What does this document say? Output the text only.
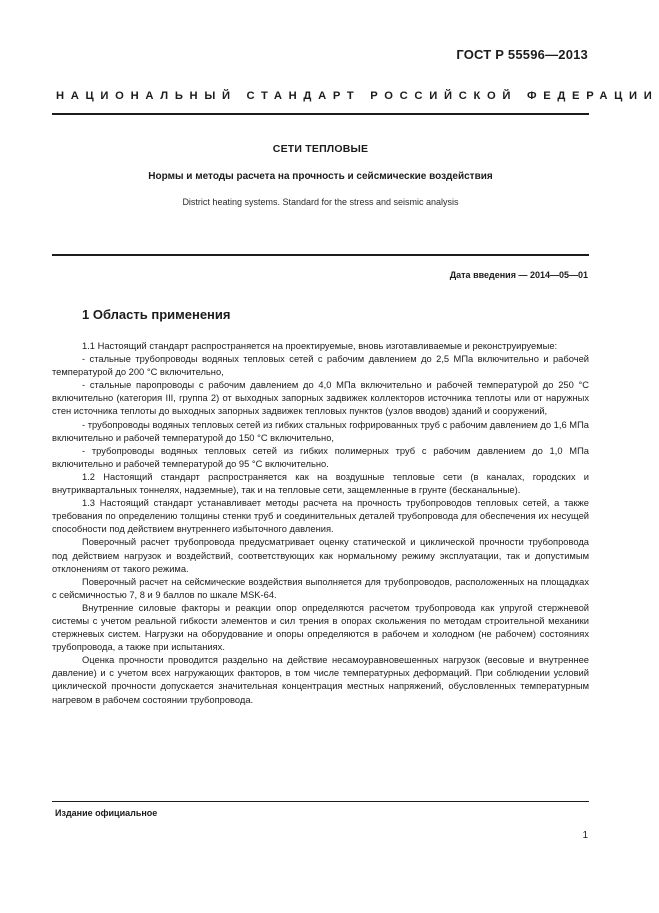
ГОСТ Р 55596—2013
НАЦИОНАЛЬНЫЙ СТАНДАРТ РОССИЙСКОЙ ФЕДЕРАЦИИ
СЕТИ ТЕПЛОВЫЕ
Нормы и методы расчета на прочность и сейсмические воздействия
District heating systems. Standard for the stress and seismic analysis
Дата введения — 2014—05—01
1 Область применения

1.1 Настоящий стандарт распространяется на проектируемые, вновь изготавливаемые и реконструируемые:

- стальные трубопроводы водяных тепловых сетей с рабочим давлением до 2,5 МПа включительно и рабочей температурой до 200 °С включительно,

- стальные паропроводы с рабочим давлением до 4,0 МПа включительно и рабочей температурой до 250 °С включительно (категория III, группа 2) от выходных запорных задвижек коллекторов источника теплоты или от наружных стен источника теплоты до выходных запорных задвижек тепловых пунктов (узлов вводов) зданий и сооружений,

- трубопроводы водяных тепловых сетей из гибких стальных гофрированных труб с рабочим давлением до 1,6 МПа включительно и рабочей температурой до 150 °С включительно,

- трубопроводы водяных тепловых сетей из гибких полимерных труб с рабочим давлением до 1,0 МПа включительно и рабочей температурой до 95 °С включительно.

1.2 Настоящий стандарт распространяется как на воздушные тепловые сети (в каналах, городских и внутриквартальных тоннелях, надземные), так и на тепловые сети, защемленные в грунте (бесканальные).

1.3 Настоящий стандарт устанавливает методы расчета на прочность трубопроводов тепловых сетей, а также требования по определению толщины стенки труб и соединительных деталей трубопровода для обеспечения их несущей способности под действием внутреннего избыточного давления.

Поверочный расчет трубопровода предусматривает оценку статической и циклической прочности трубопровода под действием нагрузок и воздействий, соответствующих как нормальному режиму эксплуатации, так и допустимым отклонениям от такого режима.

Поверочный расчет на сейсмические воздействия выполняется для трубопроводов, расположенных на площадках с сейсмичностью 7, 8 и 9 баллов по шкале MSK-64.

Внутренние силовые факторы и реакции опор определяются расчетом трубопровода как упругой стержневой системы с учетом реальной гибкости элементов и сил трения в опорах скольжения по методам строительной механики стержневых систем. Нагрузки на оборудование и опоры определяются в рабочем и холодном (не рабочем) состояниях трубопровода, а также при испытаниях.

Оценка прочности проводится раздельно на действие несамоуравновешенных нагрузок (весовые и внутреннее давление) и с учетом всех нагружающих факторов, в том числе температурных деформаций. При соблюдении условий циклической прочности допускается значительная концентрация местных напряжений, обусловленных температурным нагревом в рабочем состоянии трубопровода.

Издание официальное
1
